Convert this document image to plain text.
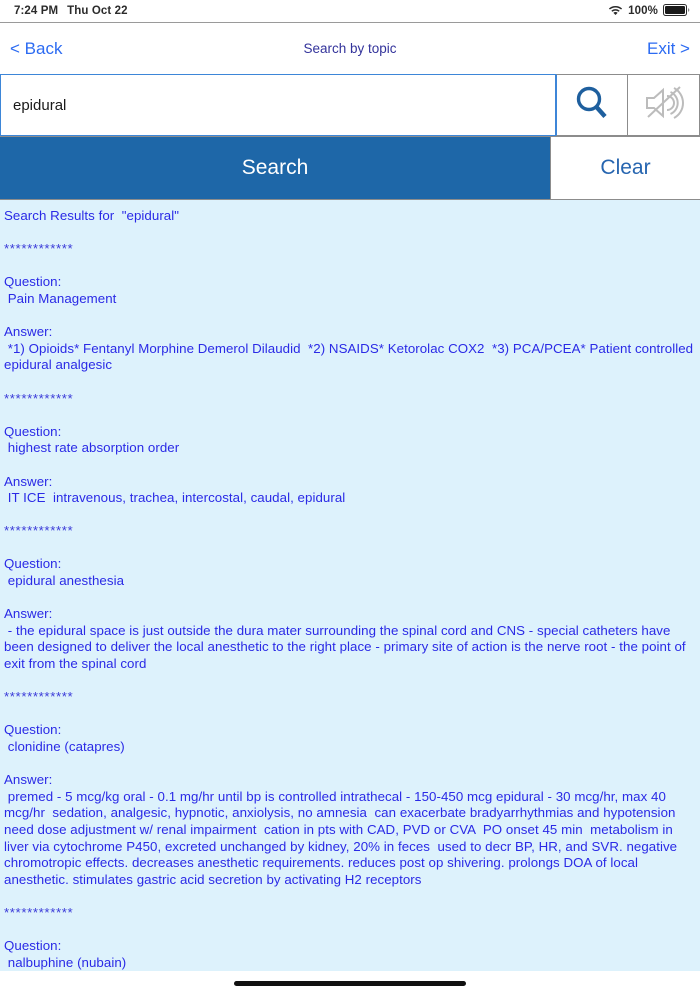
7:24 PM Thu Oct 22	100%
< Back	Search by topic	Exit >
epidural
Search	Clear
Search Results for  "epidural"
************
Question:
Pain Management
Answer:
*1) Opioids* Fentanyl Morphine Demerol Dilaudid  *2) NSAIDS* Ketorolac COX2  *3) PCA/PCEA* Patient controlled epidural analgesic
************
Question:
highest rate absorption order
Answer:
IT ICE  intravenous, trachea, intercostal, caudal, epidural
************
Question:
epidural anesthesia
Answer:
- the epidural space is just outside the dura mater surrounding the spinal cord and CNS - special catheters have been designed to deliver the local anesthetic to the right place - primary site of action is the nerve root - the point of exit from the spinal cord
************
Question:
clonidine (catapres)
Answer:
premed - 5 mcg/kg oral - 0.1 mg/hr until bp is controlled intrathecal - 150-450 mcg epidural - 30 mcg/hr, max 40 mcg/hr  sedation, analgesic, hypnotic, anxiolysis, no amnesia  can exacerbate bradyarrhythmias and hypotension  need dose adjustment w/ renal impairment  cation in pts with CAD, PVD or CVA  PO onset 45 min  metabolism in liver via cytochrome P450, excreted unchanged by kidney, 20% in feces  used to decr BP, HR, and SVR. negative chromotropic effects. decreases anesthetic requirements. reduces post op shivering. prolongs DOA of local anesthetic. stimulates gastric acid secretion by activating H2 receptors
************
Question:
nalbuphine (nubain)
